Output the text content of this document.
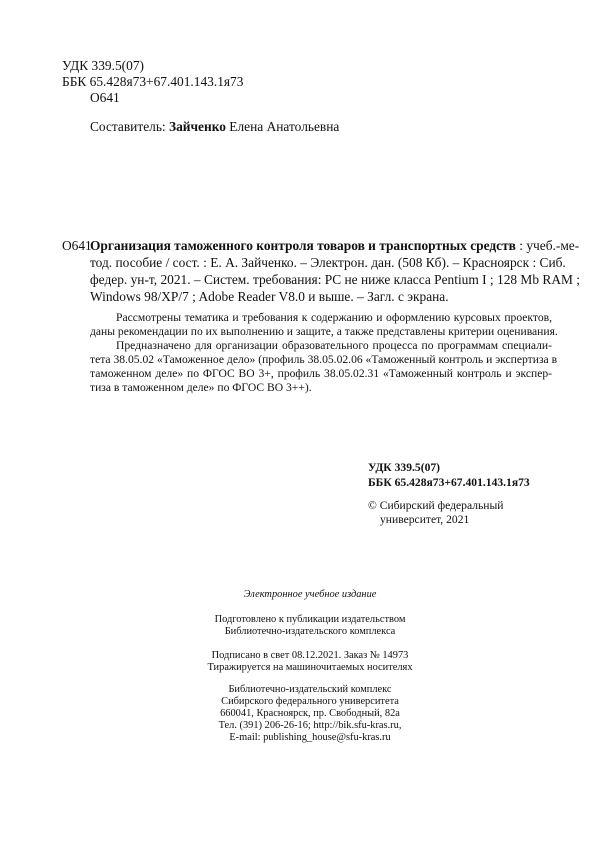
УДК 339.5(07)
ББК 65.428я73+67.401.143.1я73
О641
Составитель: Зайченко Елена Анатольевна
О641
Организация таможенного контроля товаров и транспортных средств : учеб.-ме-
тод. пособие / сост. : Е. А. Зайченко. – Электрон. дан. (508 Кб). – Красноярск : Сиб.
федер. ун-т, 2021. – Систем. требования: PC не ниже класса Pentium I ; 128 Mb RAM ;
Windows 98/XP/7 ; Adobe Reader V8.0 и выше. – Загл. с экрана.
Рассмотрены тематика и требования к содержанию и оформлению курсовых проектов,
даны рекомендации по их выполнению и защите, а также представлены критерии оценивания.
Предназначено для организации образовательного процесса по программам специали-
тета 38.05.02 «Таможенное дело» (профиль 38.05.02.06 «Таможенный контроль и экспертиза в
таможенном деле» по ФГОС ВО 3+, профиль 38.05.02.31 «Таможенный контроль и экспер-
тиза в таможенном деле» по ФГОС ВО 3++).
УДК 339.5(07)
ББК 65.428я73+67.401.143.1я73
© Сибирский федеральный
университет, 2021
Электронное учебное издание
Подготовлено к публикации издательством
Библиотечно-издательского комплекса
Подписано в свет 08.12.2021. Заказ № 14973
Тиражируется на машиночитаемых носителях
Библиотечно-издательский комплекс
Сибирского федерального университета
660041, Красноярск, пр. Свободный, 82а
Тел. (391) 206-26-16; http://bik.sfu-kras.ru,
E-mail: publishing_house@sfu-kras.ru
